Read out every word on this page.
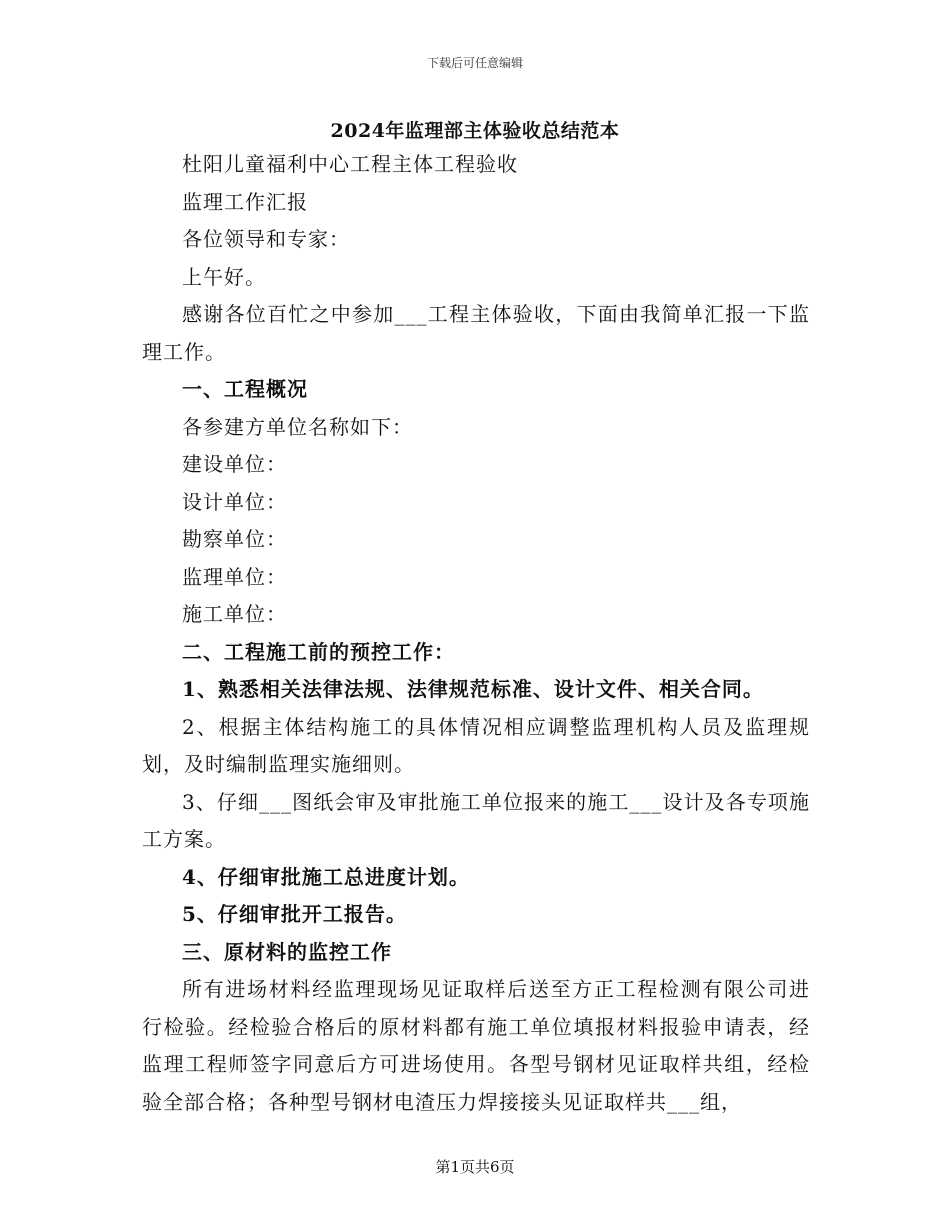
下载后可任意编辑
2024年监理部主体验收总结范本

杜阳儿童福利中心工程主体工程验收

监理工作汇报

各位领导和专家：

上午好。

感谢各位百忙之中参加___工程主体验收，下面由我简单汇报一下监理工作。

一、工程概况

各参建方单位名称如下：

建设单位：

设计单位：

勘察单位：

监理单位：

施工单位：

二、工程施工前的预控工作：

1、熟悉相关法律法规、法律规范标准、设计文件、相关合同。

2、根据主体结构施工的具体情况相应调整监理机构人员及监理规划，及时编制监理实施细则。

3、仔细___图纸会审及审批施工单位报来的施工___设计及各专项施工方案。

4、仔细审批施工总进度计划。

5、仔细审批开工报告。

三、原材料的监控工作

所有进场材料经监理现场见证取样后送至方正工程检测有限公司进行检验。经检验合格后的原材料都有施工单位填报材料报验申请表，经监理工程师签字同意后方可进场使用。各型号钢材见证取样共组，经检验全部合格；各种型号钢材电渣压力焊接接头见证取样共___组，

第1页共6页
